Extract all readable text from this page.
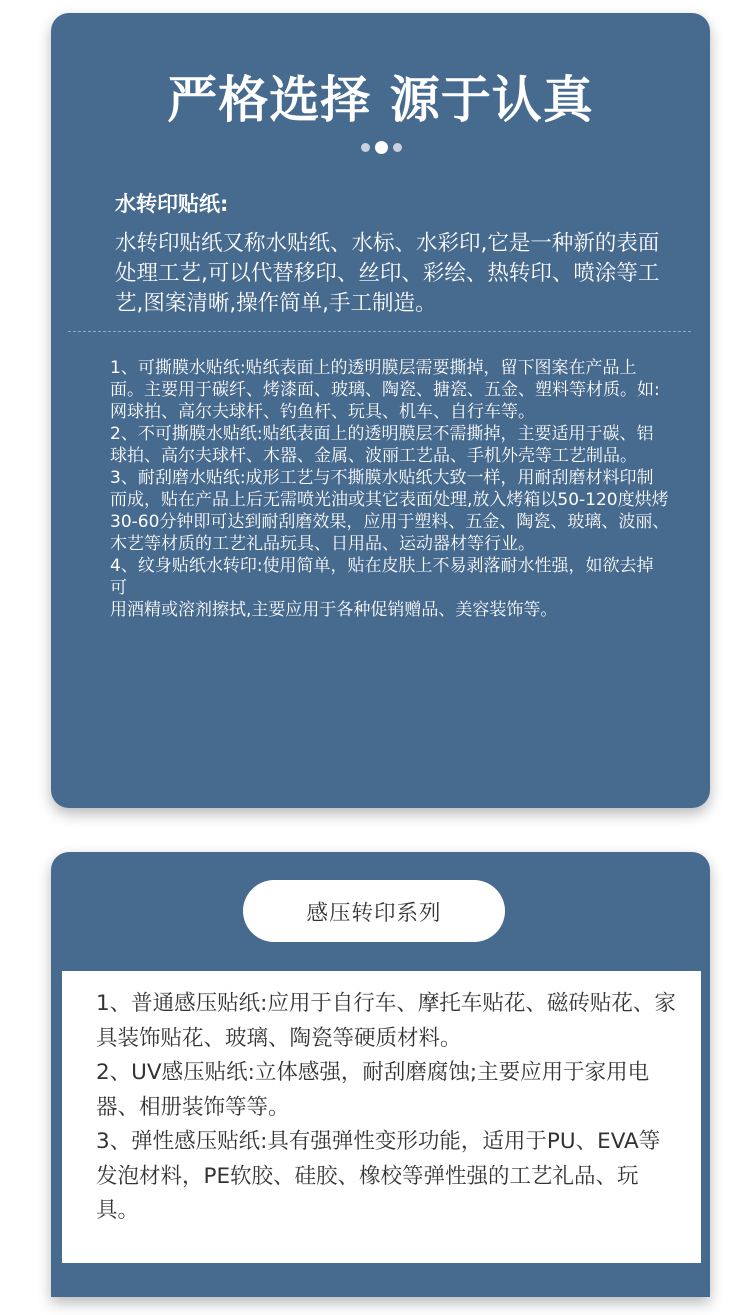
严格选择 源于认真
水转印贴纸:
水转印贴纸又称水贴纸、水标、水彩印,它是一种新的表面处理工艺,可以代替移印、丝印、彩绘、热转印、喷涂等工艺,图案清晰,操作简单,手工制造。

1、可撕膜水贴纸:贴纸表面上的透明膜层需要撕掉，留下图案在产品上面。主要用于碳纤、烤漆面、玻璃、陶瓷、搪瓷、五金、塑料等材质。如:网球拍、高尔夫球杆、钓鱼杆、玩具、机车、自行车等。

2、不可撕膜水贴纸:贴纸表面上的透明膜层不需撕掉，主要适用于碳、铝球拍、高尔夫球杆、木器、金属、波丽工艺品、手机外壳等工艺制品。

3、耐刮磨水贴纸:成形工艺与不撕膜水贴纸大致一样，用耐刮磨材料印制而成，贴在产品上后无需喷光油或其它表面处理,放入烤箱以50-120度烘烤30-60分钟即可达到耐刮磨效果，应用于塑料、五金、陶瓷、玻璃、波丽、木艺等材质的工艺礼品玩具、日用品、运动器材等行业。

4、纹身贴纸水转印:使用简单，贴在皮肤上不易剥落耐水性强，如欲去掉可

用酒精或溶剂擦拭,主要应用于各种促销赠品、美容装饰等。

感压转印系列

1、普通感压贴纸:应用于自行车、摩托车贴花、磁砖贴花、家具装饰贴花、玻璃、陶瓷等硬质材料。

2、UV感压贴纸:立体感强，耐刮磨腐蚀;主要应用于家用电器、相册装饰等等。

3、弹性感压贴纸:具有强弹性变形功能，适用于PU、EVA等发泡材料，PE软胶、硅胶、橡校等弹性强的工艺礼品、玩具。
